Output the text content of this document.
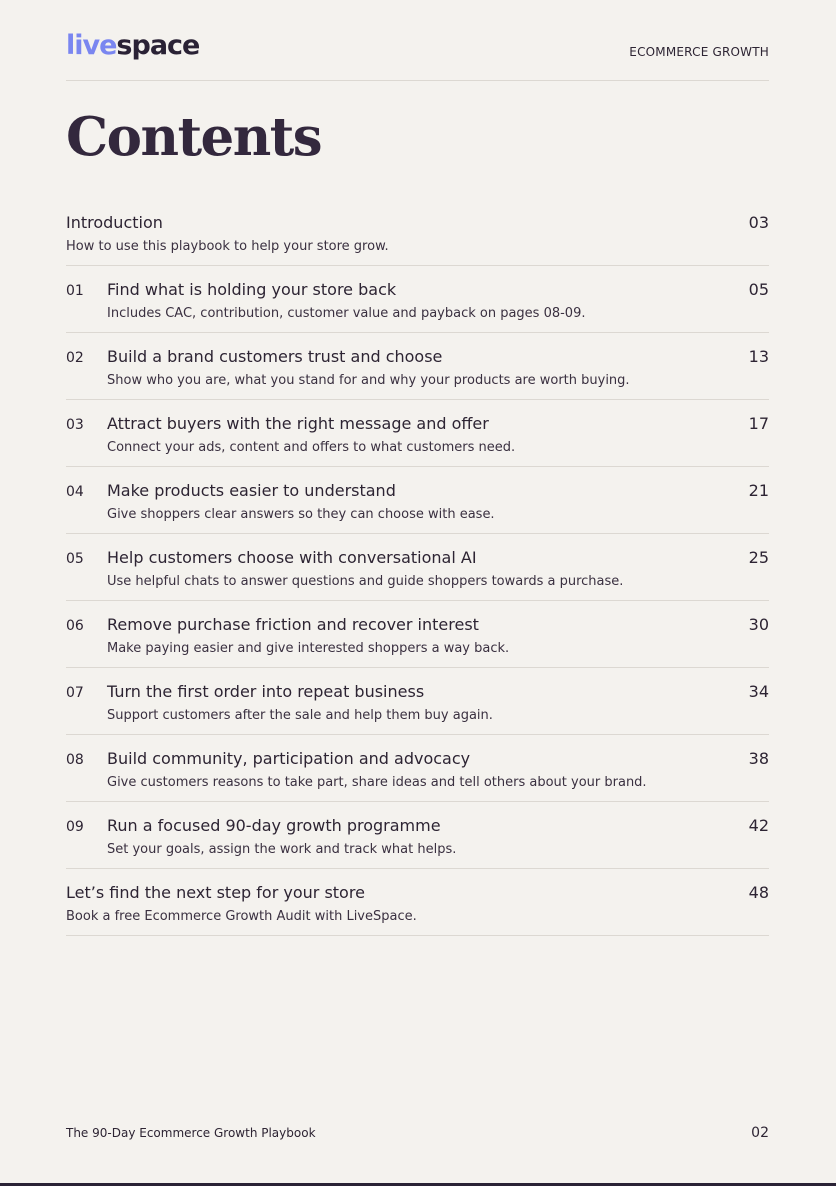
livespace	ECOMMERCE GROWTH
Contents
Introduction
How to use this playbook to help your store grow.
03
01 Find what is holding your store back
Includes CAC, contribution, customer value and payback on pages 08-09.
05
02 Build a brand customers trust and choose
Show who you are, what you stand for and why your products are worth buying.
13
03 Attract buyers with the right message and offer
Connect your ads, content and offers to what customers need.
17
04 Make products easier to understand
Give shoppers clear answers so they can choose with ease.
21
05 Help customers choose with conversational AI
Use helpful chats to answer questions and guide shoppers towards a purchase.
25
06 Remove purchase friction and recover interest
Make paying easier and give interested shoppers a way back.
30
07 Turn the first order into repeat business
Support customers after the sale and help them buy again.
34
08 Build community, participation and advocacy
Give customers reasons to take part, share ideas and tell others about your brand.
38
09 Run a focused 90-day growth programme
Set your goals, assign the work and track what helps.
42
Let’s find the next step for your store
Book a free Ecommerce Growth Audit with LiveSpace.
48
The 90-Day Ecommerce Growth Playbook	02
